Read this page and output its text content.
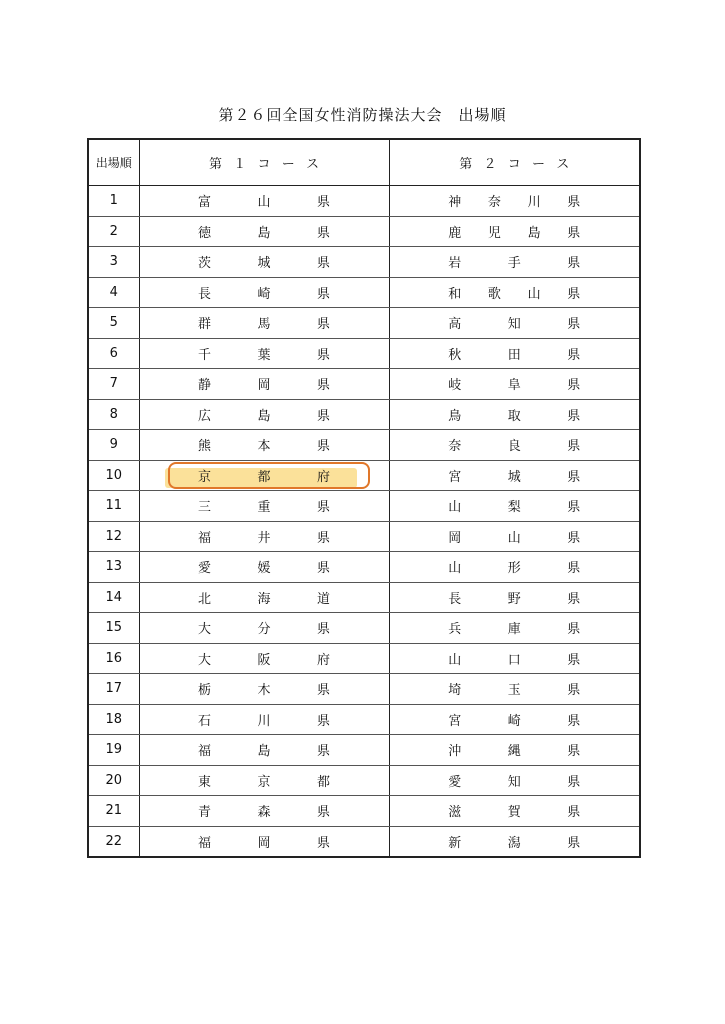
第２６回全国女性消防操法大会　出場順
出場順	第 １ コ ー ス	第 ２ コ ー ス

1	富 山 県	神 奈 川 県

2	徳 島 県	鹿 児 島 県

3	茨 城 県	岩 手 県

4	長 崎 県	和 歌 山 県

5	群 馬 県	高 知 県

6	千 葉 県	秋 田 県

7	静 岡 県	岐 阜 県

8	広 島 県	鳥 取 県

9	熊 本 県	奈 良 県

10	京 都 府	宮 城 県

11	三 重 県	山 梨 県

12	福 井 県	岡 山 県

13	愛 媛 県	山 形 県

14	北 海 道	長 野 県

15	大 分 県	兵 庫 県

16	大 阪 府	山 口 県

17	栃 木 県	埼 玉 県

18	石 川 県	宮 崎 県

19	福 島 県	沖 縄 県

20	東 京 都	愛 知 県

21	青 森 県	滋 賀 県

22	福 岡 県	新 潟 県
